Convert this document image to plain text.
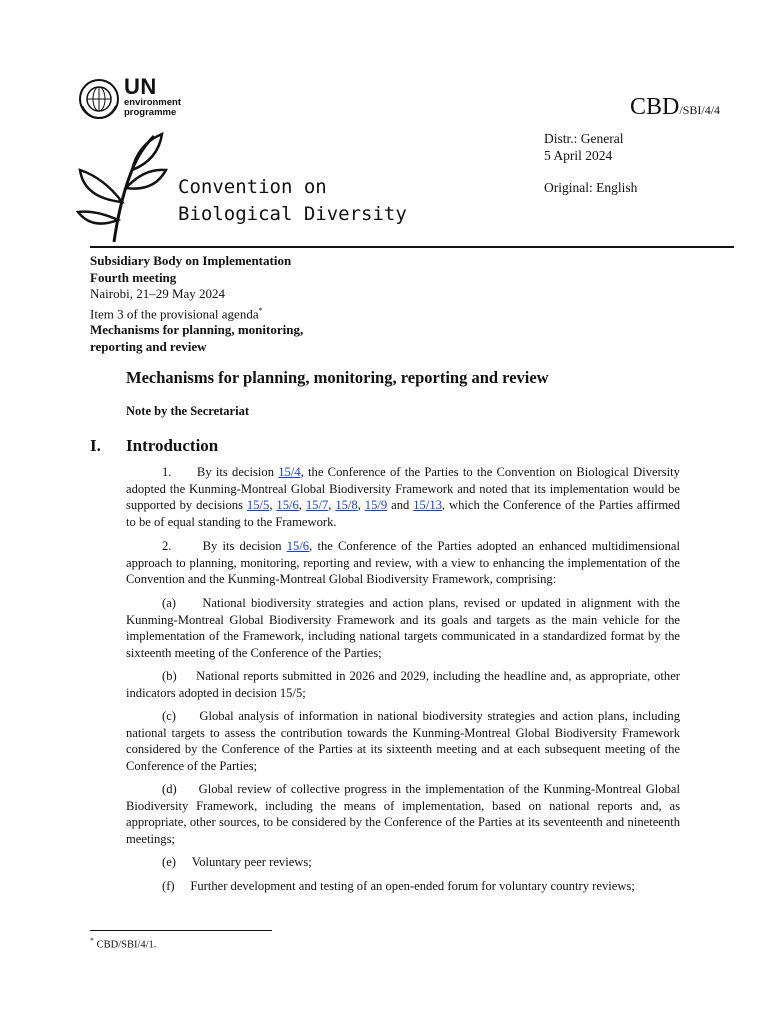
UN
environment
programme
Convention on
Biological Diversity
CBD/SBI/4/4
Distr.: General
5 April 2024
Original: English
Subsidiary Body on Implementation
Fourth meeting
Nairobi, 21–29 May 2024
Item 3 of the provisional agenda*
Mechanisms for planning, monitoring,
reporting and review
Mechanisms for planning, monitoring, reporting and review
Note by the Secretariat
I. Introduction
1.      By its decision 15/4, the Conference of the Parties to the Convention on Biological Diversity adopted the Kunming-Montreal Global Biodiversity Framework and noted that its implementation would be supported by decisions 15/5, 15/6, 15/7, 15/8, 15/9 and 15/13, which the Conference of the Parties affirmed to be of equal standing to the Framework.
2.      By its decision 15/6, the Conference of the Parties adopted an enhanced multidimensional approach to planning, monitoring, reporting and review, with a view to enhancing the implementation of the Convention and the Kunming-Montreal Global Biodiversity Framework, comprising:
(a)     National biodiversity strategies and action plans, revised or updated in alignment with the Kunming-Montreal Global Biodiversity Framework and its goals and targets as the main vehicle for the implementation of the Framework, including national targets communicated in a standardized format by the sixteenth meeting of the Conference of the Parties;
(b)     National reports submitted in 2026 and 2029, including the headline and, as appropriate, other indicators adopted in decision 15/5;
(c)     Global analysis of information in national biodiversity strategies and action plans, including national targets to assess the contribution towards the Kunming-Montreal Global Biodiversity Framework considered by the Conference of the Parties at its sixteenth meeting and at each subsequent meeting of the Conference of the Parties;
(d)     Global review of collective progress in the implementation of the Kunming-Montreal Global Biodiversity Framework, including the means of implementation, based on national reports and, as appropriate, other sources, to be considered by the Conference of the Parties at its seventeenth and nineteenth meetings;
(e)     Voluntary peer reviews;
(f)     Further development and testing of an open-ended forum for voluntary country reviews;
* CBD/SBI/4/1.
